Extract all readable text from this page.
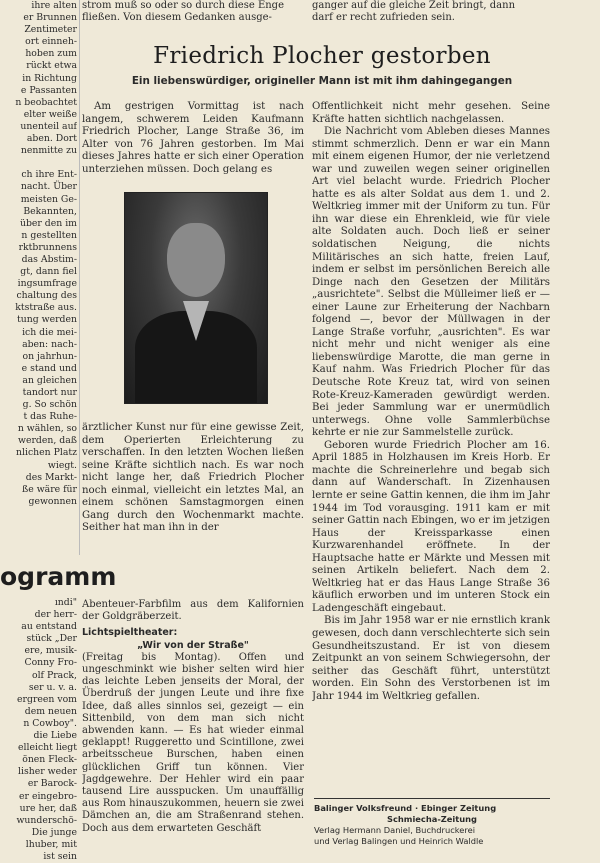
ihre alten

er Brunnen

Zentimeter

ort einneh-

hoben zum

rückt etwa

in Richtung

e Passanten

n beobachtet

elter weiße

unenteil auf

aben. Dort

nenmitte zu

ch ihre Ent-

nacht. Über

meisten Ge-

Bekannten,

über den im

n gestellten

rktbrunnens

das Abstim-

gt, dann fiel

ingsumfrage

chaltung des

ktstraße aus.

tung werden

ich die mei-

aben: nach-

on jahrhun-

e stand und

an gleichen

tandort nur

g. So schön

t das Ruhe-

n wählen, so

werden, daß

nlichen Platz

wiegt.

des Markt-

ße wäre für

gewonnen

strom muß so oder so durch diese Enge

fließen. Von diesem Gedanken ausge-

ganger auf die gleiche Zeit bringt, dann

darf er recht zufrieden sein.

Friedrich Plocher gestorben
Ein liebenswürdiger, origineller Mann ist mit ihm dahingegangen

Am gestrigen Vormittag ist nach langem, schwerem Leiden Kaufmann Friedrich Plocher, Lange Straße 36, im Alter von 76 Jahren gestorben. Im Mai dieses Jahres hatte er sich einer Operation unterziehen müssen. Doch gelang es

ärztlicher Kunst nur für eine gewisse Zeit, dem Operierten Erleichterung zu verschaffen. In den letzten Wochen ließen seine Kräfte sichtlich nach. Es war noch nicht lange her, daß Friedrich Plocher noch einmal, vielleicht ein letztes Mal, an einem schönen Samstagmorgen einen Gang durch den Wochenmarkt machte. Seither hat man ihn in der

Öffentlichkeit nicht mehr gesehen. Seine Kräfte hatten sichtlich nachgelassen.

Die Nachricht vom Ableben dieses Mannes stimmt schmerzlich. Denn er war ein Mann mit einem eigenen Humor, der nie verletzend war und zuweilen wegen seiner originellen Art viel belacht wurde. Friedrich Plocher hatte es als alter Soldat aus dem 1. und 2. Weltkrieg immer mit der Uniform zu tun. Für ihn war diese ein Ehrenkleid, wie für viele alte Soldaten auch. Doch ließ er seiner soldatischen Neigung, die nichts Militärisches an sich hatte, freien Lauf, indem er selbst im persönlichen Bereich alle Dinge nach den Gesetzen der Militärs „ausrichtete". Selbst die Mülleimer ließ er — einer Laune zur Erheiterung der Nachbarn folgend —, bevor der Müllwagen in der Lange Straße vorfuhr, „ausrichten". Es war nicht mehr und nicht weniger als eine liebenswürdige Marotte, die man gerne in Kauf nahm. Was Friedrich Plocher für das Deutsche Rote Kreuz tat, wird von seinen Rote-Kreuz-Kameraden gewürdigt werden. Bei jeder Sammlung war er unermüdlich unterwegs. Ohne volle Sammlerbüchse kehrte er nie zur Sammelstelle zurück.

Geboren wurde Friedrich Plocher am 16. April 1885 in Holzhausen im Kreis Horb. Er machte die Schreinerlehre und begab sich dann auf Wanderschaft. In Zizenhausen lernte er seine Gattin kennen, die ihm im Jahr 1944 im Tod vorausging. 1911 kam er mit seiner Gattin nach Ebingen, wo er im jetzigen Haus der Kreissparkasse einen Kurzwarenhandel eröffnete. In der Hauptsache hatte er Märkte und Messen mit seinen Artikeln beliefert. Nach dem 2. Weltkrieg hat er das Haus Lange Straße 36 käuflich erworben und im unteren Stock ein Ladengeschäft eingebaut.

Bis im Jahr 1958 war er nie ernstlich krank gewesen, doch dann verschlechterte sich sein Gesundheitszustand. Er ist von diesem Zeitpunkt an von seinem Schwiegersohn, der seither das Geschäft führt, unterstützt worden. Ein Sohn des Verstorbenen ist im Jahr 1944 im Weltkrieg gefallen.

ogramm

ındi"

der herr-

au entstand

stück „Der

ere, musik-

Conny Fro-

olf Prack,

ser u. v. a.

ergreen vom

dem neuen

n Cowboy".

die Liebe

elleicht liegt

önen Fleck-

lisher weder

er Barock-

er eingebro-

ure her, daß

wunderschö-

Die junge

lhuber, mit

ist sein

Abenteuer-Farbfilm aus dem Kalifornien der Goldgräberzeit.

Lichtspieltheater:

„Wir von der Straße"

(Freitag bis Montag). Offen und ungeschminkt wie bisher selten wird hier das leichte Leben jenseits der Moral, der Überdruß der jungen Leute und ihre fixe Idee, daß alles sinnlos sei, gezeigt — ein Sittenbild, von dem man sich nicht abwenden kann. — Es hat wieder einmal geklappt! Ruggeretto und Scintillone, zwei arbeitsscheue Burschen, haben einen glücklichen Griff tun können. Vier Jagdgewehre. Der Hehler wird ein paar tausend Lire ausspucken. Um unauffällig aus Rom hinauszukommen, heuern sie zwei Dämchen an, die am Straßenrand stehen. Doch aus dem erwarteten Geschäft

Balinger Volksfreund · Ebinger Zeitung
Schmiecha-Zeitung
Verlag Hermann Daniel, Buchdruckerei
und Verlag Balingen und Heinrich Waldle
